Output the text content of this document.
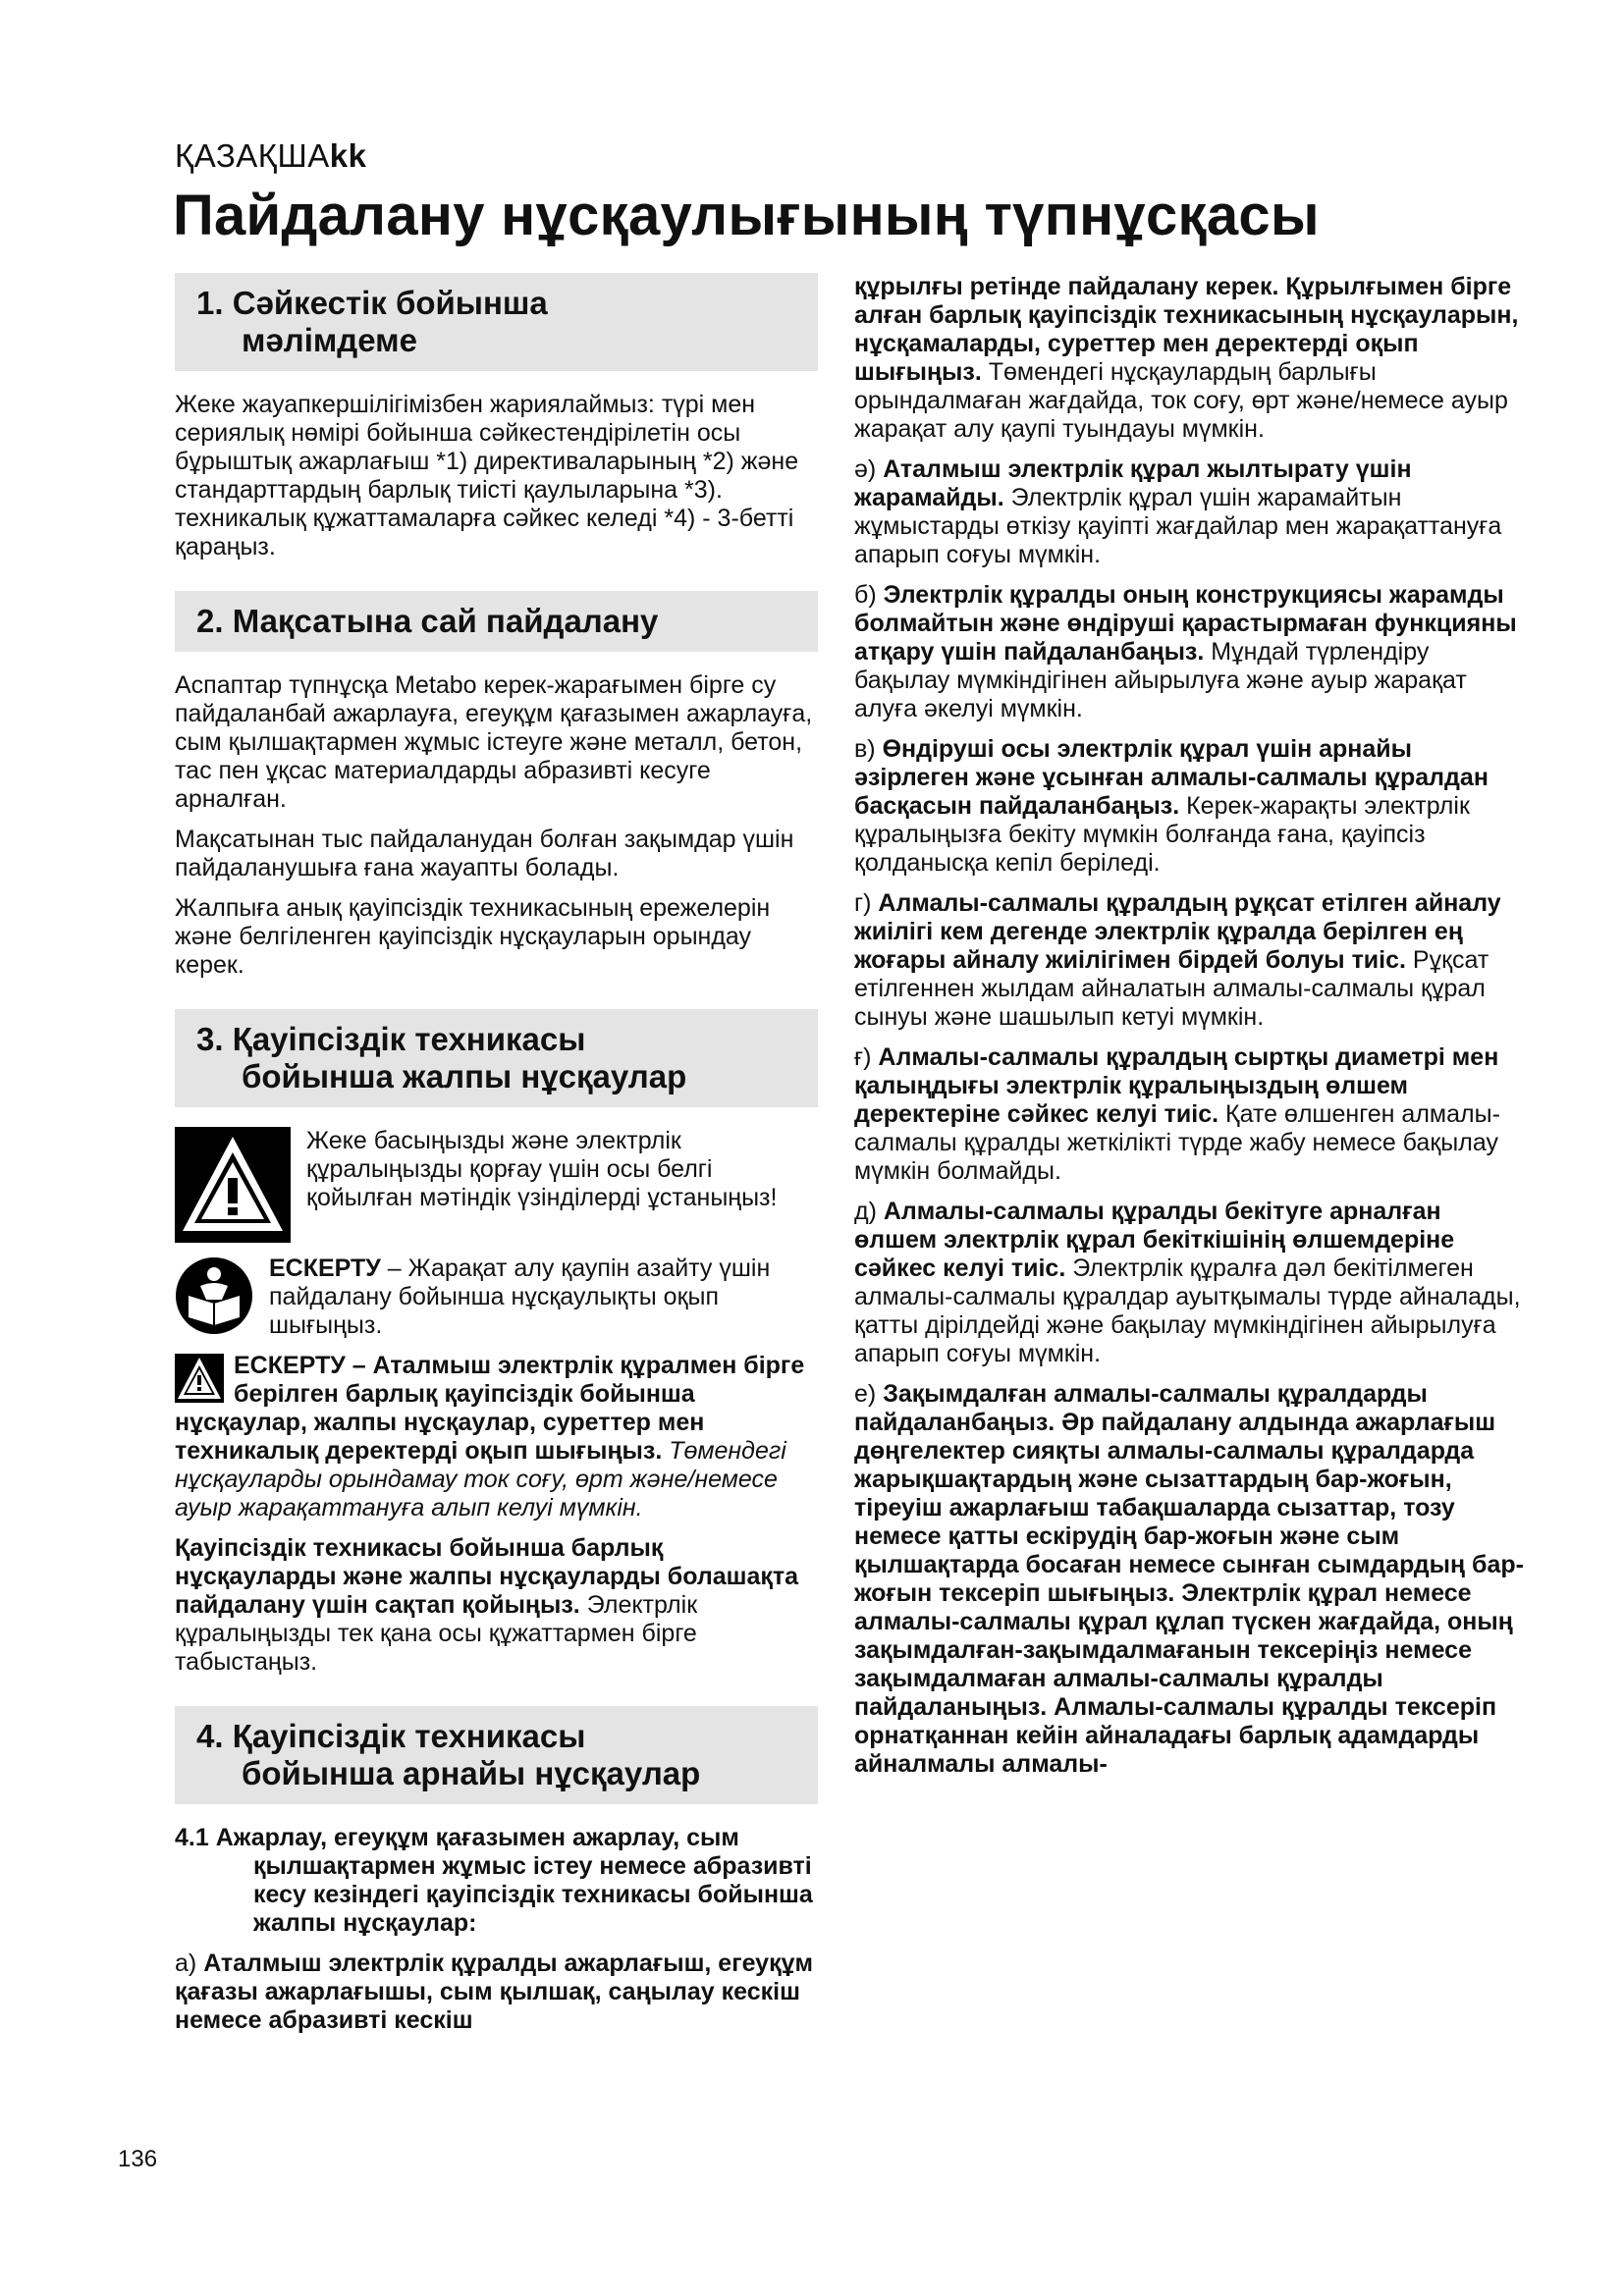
ҚАЗАҚШАkk
Пайдалану нұсқаулығының түпнұсқасы
1. Сәйкестік бойынша
мәлімдеме

Жеке жауапкершілігімізбен жариялаймыз: түрі мен сериялық нөмірі бойынша сәйкестендірілетін осы бұрыштық ажарлағыш *1) директиваларының *2) және стандарттардың барлық тиісті қаулыларына *3). техникалық құжаттамаларға сәйкес келеді *4) - 3-бетті қараңыз.

2. Мақсатына сай пайдалану

Аспаптар түпнұсқа Metabo керек-жарағымен бірге су пайдаланбай ажарлауға, егеуқұм қағазымен ажарлауға, сым қылшақтармен жұмыс істеуге және металл, бетон, тас пен ұқсас материалдарды абразивті кесуге арналған.

Мақсатынан тыс пайдаланудан болған зақымдар үшін пайдаланушыға ғана жауапты болады.

Жалпыға анық қауіпсіздік техникасының ережелерін және белгіленген қауіпсіздік нұсқауларын орындау керек.

3. Қауіпсіздік техникасы
бойынша жалпы нұсқаулар
Жеке басыңызды және электрлік құралыңызды қорғау үшін осы белгі қойылған мәтіндік үзінділерді ұстаныңыз!
ЕСКЕРТУ – Жарақат алу қаупін азайту үшін пайдалану бойынша нұсқаулықты оқып шығыңыз.

ЕСКЕРТУ – Аталмыш электрлік құралмен бірге берілген барлық қауіпсіздік бойынша нұсқаулар, жалпы нұсқаулар, суреттер мен техникалық деректерді оқып шығыңыз. Төмендегі нұсқауларды орындамау ток соғу, өрт және/немесе ауыр жарақаттануға алып келуі мүмкін.

Қауіпсіздік техникасы бойынша барлық нұсқауларды және жалпы нұсқауларды болашақта пайдалану үшін сақтап қойыңыз. Электрлік құралыңызды тек қана осы құжаттармен бірге табыстаңыз.

4. Қауіпсіздік техникасы
бойынша арнайы нұсқаулар

4.1 Ажарлау, егеуқұм қағазымен ажарлау, сым қылшақтармен жұмыс істеу немесе абразивті кесу кезіндегі қауіпсіздік техникасы бойынша жалпы нұсқаулар:

а) Аталмыш электрлік құралды ажарлағыш, егеуқұм қағазы ажарлағышы, сым қылшақ, саңылау кескіш немесе абразивті кескіш

құрылғы ретінде пайдалану керек. Құрылғымен бірге алған барлық қауіпсіздік техникасының нұсқауларын, нұсқамаларды, суреттер мен деректерді оқып шығыңыз. Төмендегі нұсқаулардың барлығы орындалмаған жағдайда, ток соғу, өрт және/немесе ауыр жарақат алу қаупі туындауы мүмкін.

ә) Аталмыш электрлік құрал жылтырату үшін жарамайды. Электрлік құрал үшін жарамайтын жұмыстарды өткізу қауіпті жағдайлар мен жарақаттануға апарып соғуы мүмкін.

б) Электрлік құралды оның конструкциясы жарамды болмайтын және өндіруші қарастырмаған функцияны атқару үшін пайдаланбаңыз. Мұндай түрлендіру бақылау мүмкіндігінен айырылуға және ауыр жарақат алуға әкелуі мүмкін.

в) Өндіруші осы электрлік құрал үшін арнайы әзірлеген және ұсынған алмалы-салмалы құралдан басқасын пайдаланбаңыз. Керек-жарақты электрлік құралыңызға бекіту мүмкін болғанда ғана, қауіпсіз қолданысқа кепіл беріледі.

г) Алмалы-салмалы құралдың рұқсат етілген айналу жиілігі кем дегенде электрлік құралда берілген ең жоғары айналу жиілігімен бірдей болуы тиіс. Рұқсат етілгеннен жылдам айналатын алмалы-салмалы құрал сынуы және шашылып кетуі мүмкін.

ғ) Алмалы-салмалы құралдың сыртқы диаметрі мен қалыңдығы электрлік құралыңыздың өлшем деректеріне сәйкес келуі тиіс. Қате өлшенген алмалы-салмалы құралды жеткілікті түрде жабу немесе бақылау мүмкін болмайды.

д) Алмалы-салмалы құралды бекітуге арналған өлшем электрлік құрал бекіткішінің өлшемдеріне сәйкес келуі тиіс. Электрлік құралға дәл бекітілмеген алмалы-салмалы құралдар ауытқымалы түрде айналады, қатты дірілдейді және бақылау мүмкіндігінен айырылуға апарып соғуы мүмкін.

е) Зақымдалған алмалы-салмалы құралдарды пайдаланбаңыз. Әр пайдалану алдында ажарлағыш дөңгелектер сияқты алмалы-салмалы құралдарда жарықшақтардың және сызаттардың бар-жоғын, тіреуіш ажарлағыш табақшаларда сызаттар, тозу немесе қатты ескірудің бар-жоғын және сым қылшақтарда босаған немесе сынған сымдардың бар-жоғын тексеріп шығыңыз. Электрлік құрал немесе алмалы-салмалы құрал құлап түскен жағдайда, оның зақымдалған-зақымдалмағанын тексеріңіз немесе зақымдалмаған алмалы-салмалы құралды пайдаланыңыз. Алмалы-салмалы құралды тексеріп орнатқаннан кейін айналадағы барлық адамдарды айналмалы алмалы-

136
